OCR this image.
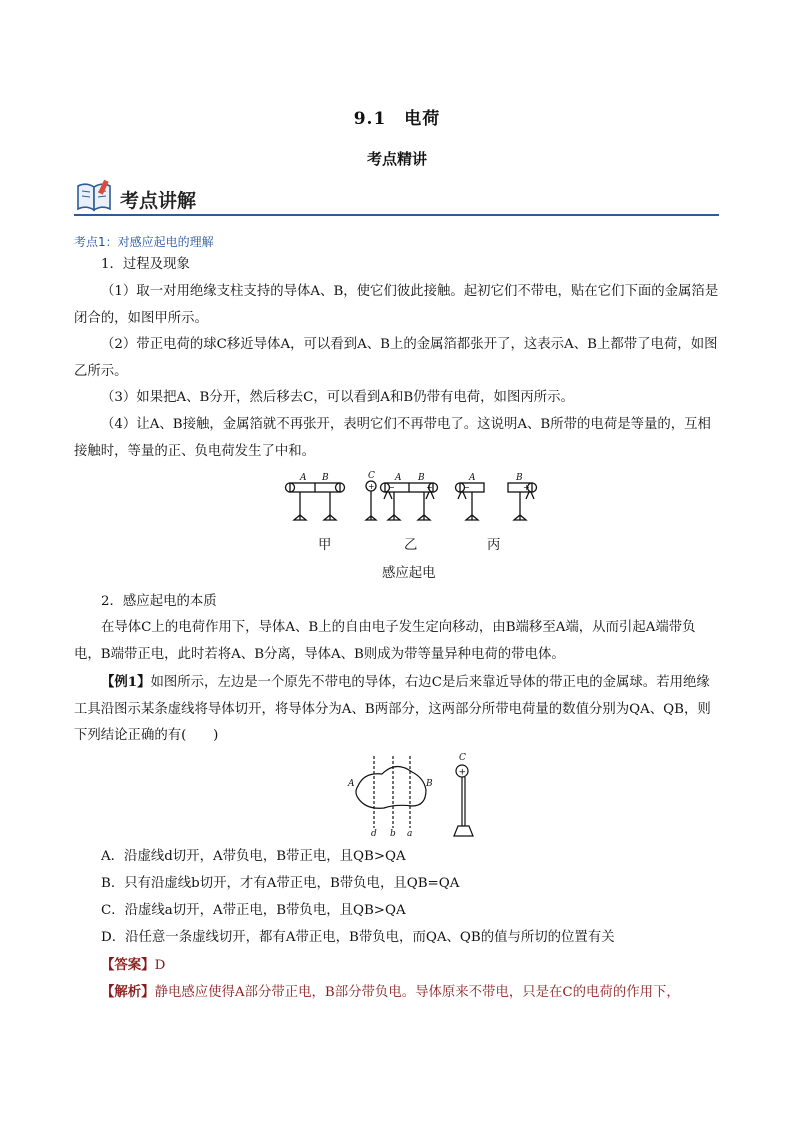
9.1　电荷
考点精讲
考点讲解
考点1：对感应起电的理解
1．过程及现象
（1）取一对用绝缘支柱支持的导体A、B，使它们彼此接触。起初它们不带电，贴在它们下面的金属箔是闭合的，如图甲所示。
（2）带正电荷的球C移近导体A，可以看到A、B上的金属箔都张开了，这表示A、B上都带了电荷，如图乙所示。
（3）如果把A、B分开，然后移去C，可以看到A和B仍带有电荷，如图丙所示。
（4）让A、B接触，金属箔就不再张开，表明它们不再带电了。这说明A、B所带的电荷是等量的，互相接触时，等量的正、负电荷发生了中和。
A B	C A B	A	B
+ −	+	−	+
甲	乙	丙
感应起电
2．感应起电的本质
在导体C上的电荷作用下，导体A、B上的自由电子发生定向移动，由B端移至A端，从而引起A端带负电，B端带正电，此时若将A、B分离，导体A、B则成为带等量异种电荷的带电体。
【例1】如图所示，左边是一个原先不带电的导体，右边C是后来靠近导体的带正电的金属球。若用绝缘工具沿图示某条虚线将导体切开，将导体分为A、B两部分，这两部分所带电荷量的数值分别为QA、QB，则下列结论正确的有(　　)
A	B
C
d b a
+
A．沿虚线d切开，A带负电，B带正电，且QB>QA
B．只有沿虚线b切开，才有A带正电，B带负电，且QB=QA
C．沿虚线a切开，A带正电，B带负电，且QB>QA
D．沿任意一条虚线切开，都有A带正电，B带负电，而QA、QB的值与所切的位置有关
【答案】D
【解析】静电感应使得A部分带正电，B部分带负电。导体原来不带电，只是在C的电荷的作用下，
